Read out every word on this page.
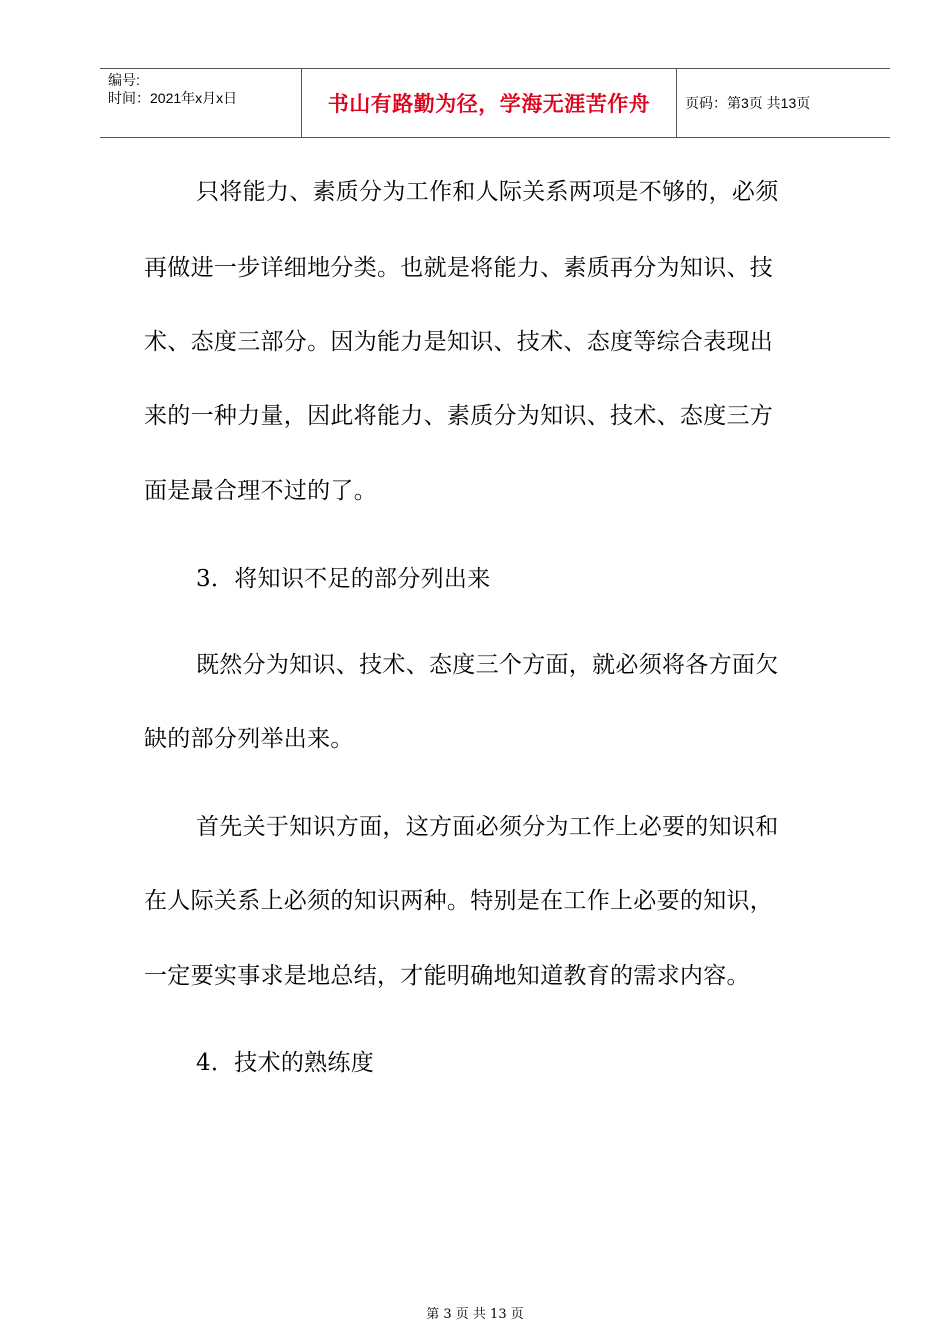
编号:
时间：2021年x月x日	书山有路勤为径，学海无涯苦作舟 页码：第3页 共13页
只将能力、素质分为工作和人际关系两项是不够的，必须
再做进一步详细地分类。也就是将能力、素质再分为知识、技
术、态度三部分。因为能力是知识、技术、态度等综合表现出
来的一种力量，因此将能力、素质分为知识、技术、态度三方
面是最合理不过的了。
3．将知识不足的部分列出来
既然分为知识、技术、态度三个方面，就必须将各方面欠
缺的部分列举出来。
首先关于知识方面，这方面必须分为工作上必要的知识和
在人际关系上必须的知识两种。特别是在工作上必要的知识，
一定要实事求是地总结，才能明确地知道教育的需求内容。
4．技术的熟练度
第 3 页 共 13 页
